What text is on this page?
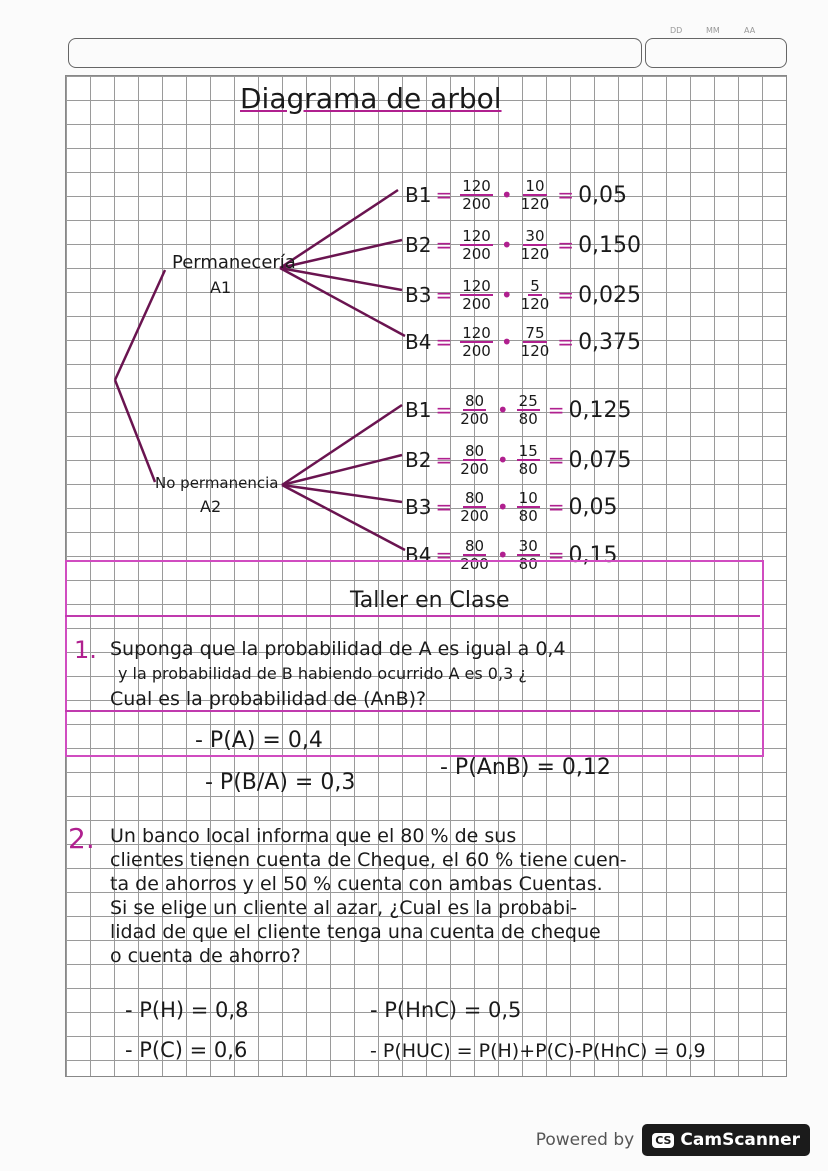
DD	MM	AA
Diagrama de arbol
Permanecería
A1
No permanencia
A2
$B1 = \frac{120}{200}$ • $\frac{10}{120} = 0,05$
$B2 = \frac{120}{200}$ • $\frac{30}{120} = 0,150$
$B3 = \frac{120}{200}$ • $\frac{5}{120} = 0,025$
$B4 = \frac{120}{200}$ • $\frac{75}{120} = 0,375$
$B1 = \frac{80}{200}$ • $\frac{25}{80} = 0,125$
$B2 = \frac{80}{200}$ • $\frac{15}{80} = 0,075$
$B3 = \frac{80}{200}$ • $\frac{10}{80} = 0,05$
$B4 = \frac{80}{200}$ • $\frac{30}{80} = 0,15$
Taller en Clase
1. Suponga que la probabilidad de A es igual a 0,4
y la probabilidad de B habiendo ocurrido A es 0,3 ¿
Cual es la probabilidad de (AnB)?
- P(A) = 0,4
- P(B/A) = 0,3
- P(AnB) = 0,12
2. Un banco local informa que el 80 % de sus
clientes tienen cuenta de Cheque, el 60 % tiene cuen-
ta de ahorros y el 50 % cuenta con ambas Cuentas.
Si se elige un cliente al azar, ¿Cual es la probabi-
lidad de que el cliente tenga una cuenta de cheque
o cuenta de ahorro?
- P(H) = 0,8
- P(C) = 0,6
- P(HnC) = 0,5
- P(HUC) = P(H)+P(C)-P(HnC) = 0,9
Powered by CS CamScanner
